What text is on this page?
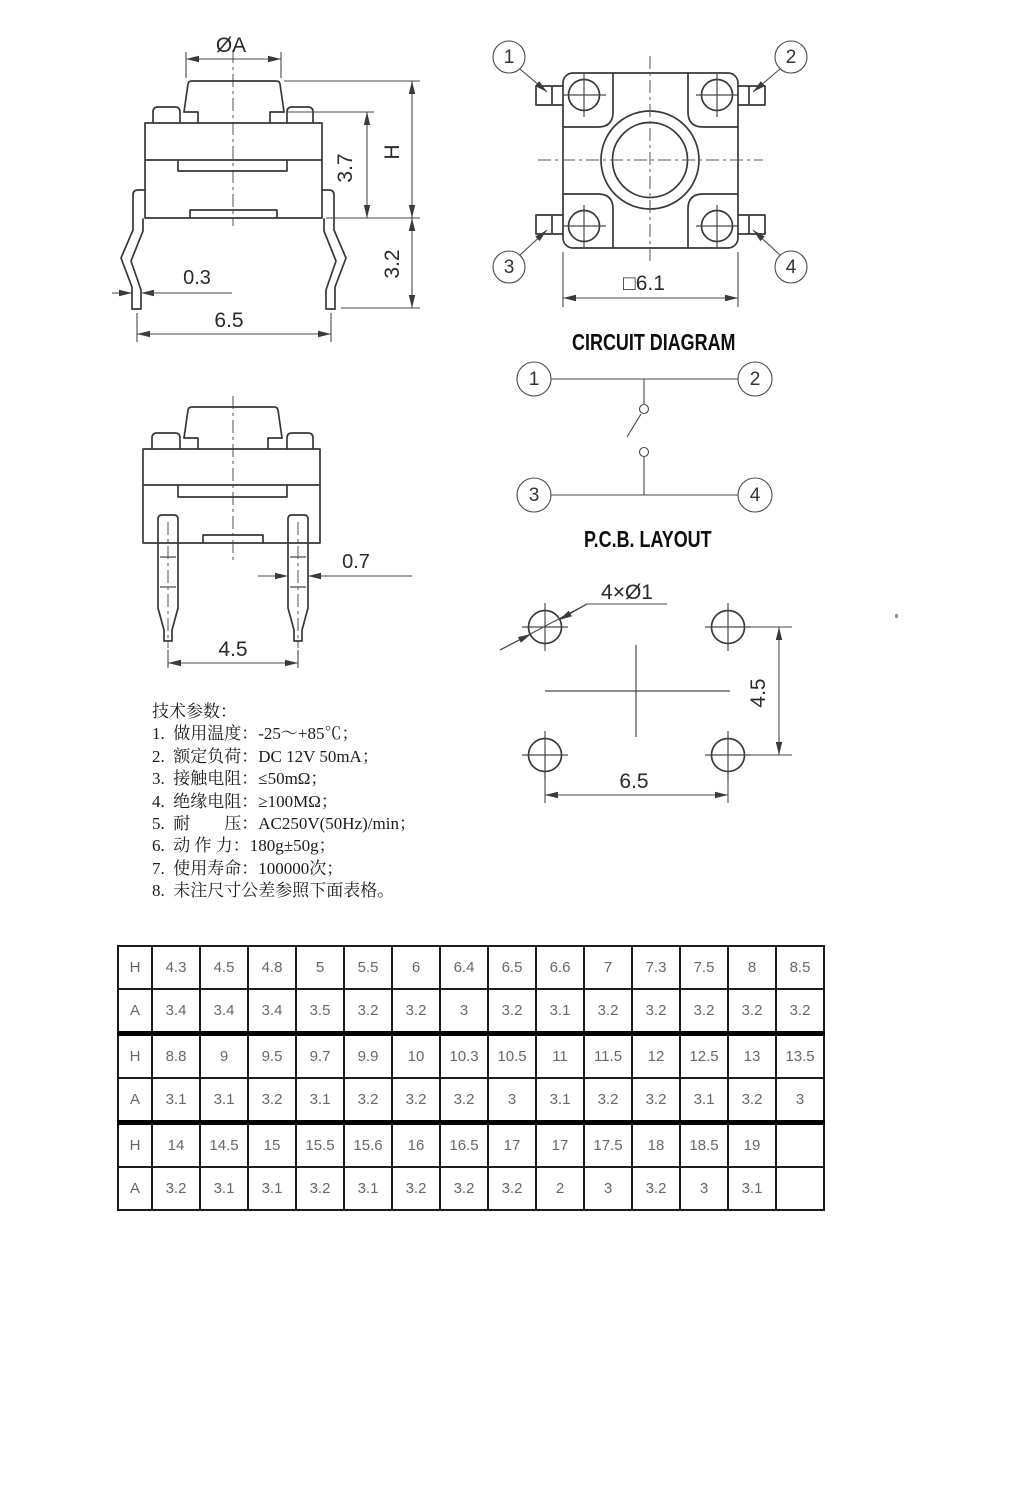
ØA
3.7
H
3.2
0.3
6.5
1	2
3	4
□6.1
1	2
3	4
4×Ø1
4.5
6.5
0.7
4.5
CIRCUIT DIAGRAM
P.C.B. LAYOUT
技术参数：
1.  做用温度：-25～+85℃；
2.  额定负荷：DC 12V 50mA；
3.  接触电阻：≤50mΩ；
4.  绝缘电阻：≥100MΩ；
5.  耐　　压：AC250V(50Hz)/min；
6.  动 作 力：180g±50g；
7.  使用寿命：100000次；
8.  未注尺寸公差参照下面表格。
H	4.3	4.5	4.8	5	5.5	6	6.4	6.5	6.6	7	7.3	7.5	8	8.5
A	3.4	3.4	3.4	3.5	3.2	3.2	3	3.2	3.1	3.2	3.2	3.2	3.2	3.2
H	8.8	9	9.5	9.7	9.9	10	10.3	10.5	11	11.5	12	12.5	13	13.5
A	3.1	3.1	3.2	3.1	3.2	3.2	3.2	3	3.1	3.2	3.2	3.1	3.2	3
H	14	14.5	15	15.5	15.6	16	16.5	17	17	17.5	18	18.5	19	
A	3.2	3.1	3.1	3.2	3.1	3.2	3.2	3.2	2	3	3.2	3	3.1	
